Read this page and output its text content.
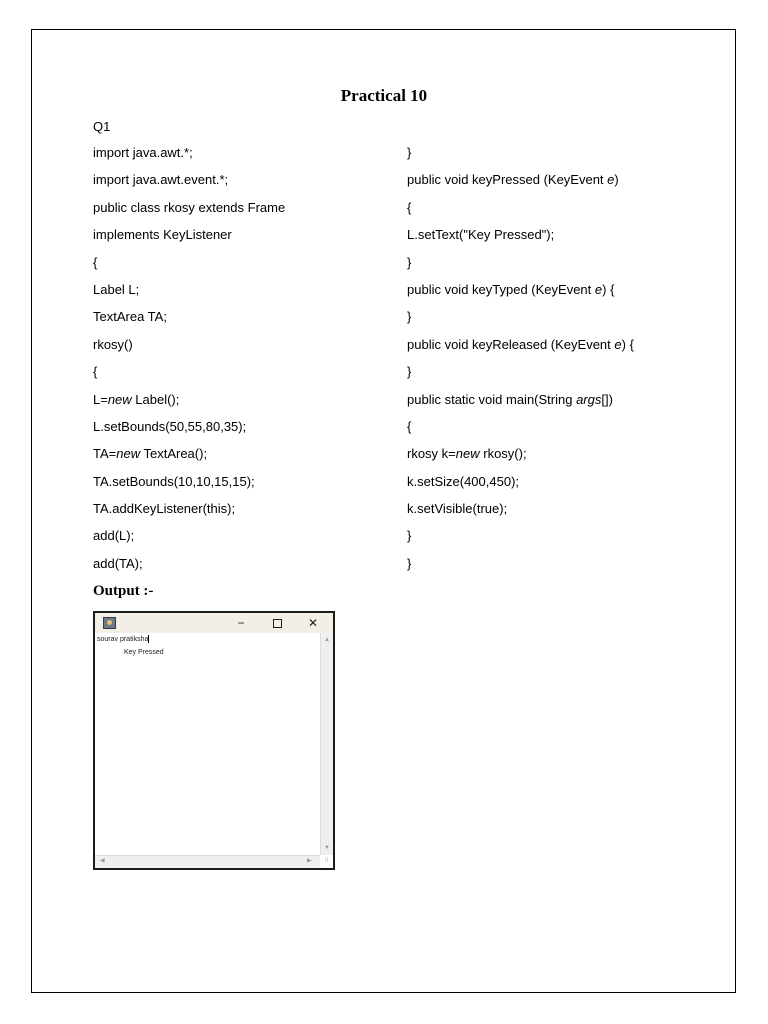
Practical 10
Q1
import java.awt.*;
import java.awt.event.*;
public class rkosy extends Frame
implements KeyListener
{
Label L;
TextArea TA;
rkosy()
{
L=new Label();
L.setBounds(50,55,80,35);
TA=new TextArea();
TA.setBounds(10,10,15,15);
TA.addKeyListener(this);
add(L);
add(TA);
}
public void keyPressed (KeyEvent e)
{
L.setText("Key Pressed");
}
public void keyTyped (KeyEvent e) {
}
public void keyReleased (KeyEvent e) {
}
public static void main(String args[])
{
rkosy k=new rkosy();
k.setSize(400,450);
k.setVisible(true);
}
}
Output :-
−	✕
sourav pratiksha
Key Pressed
▲
▼
◀	▶	⠿
